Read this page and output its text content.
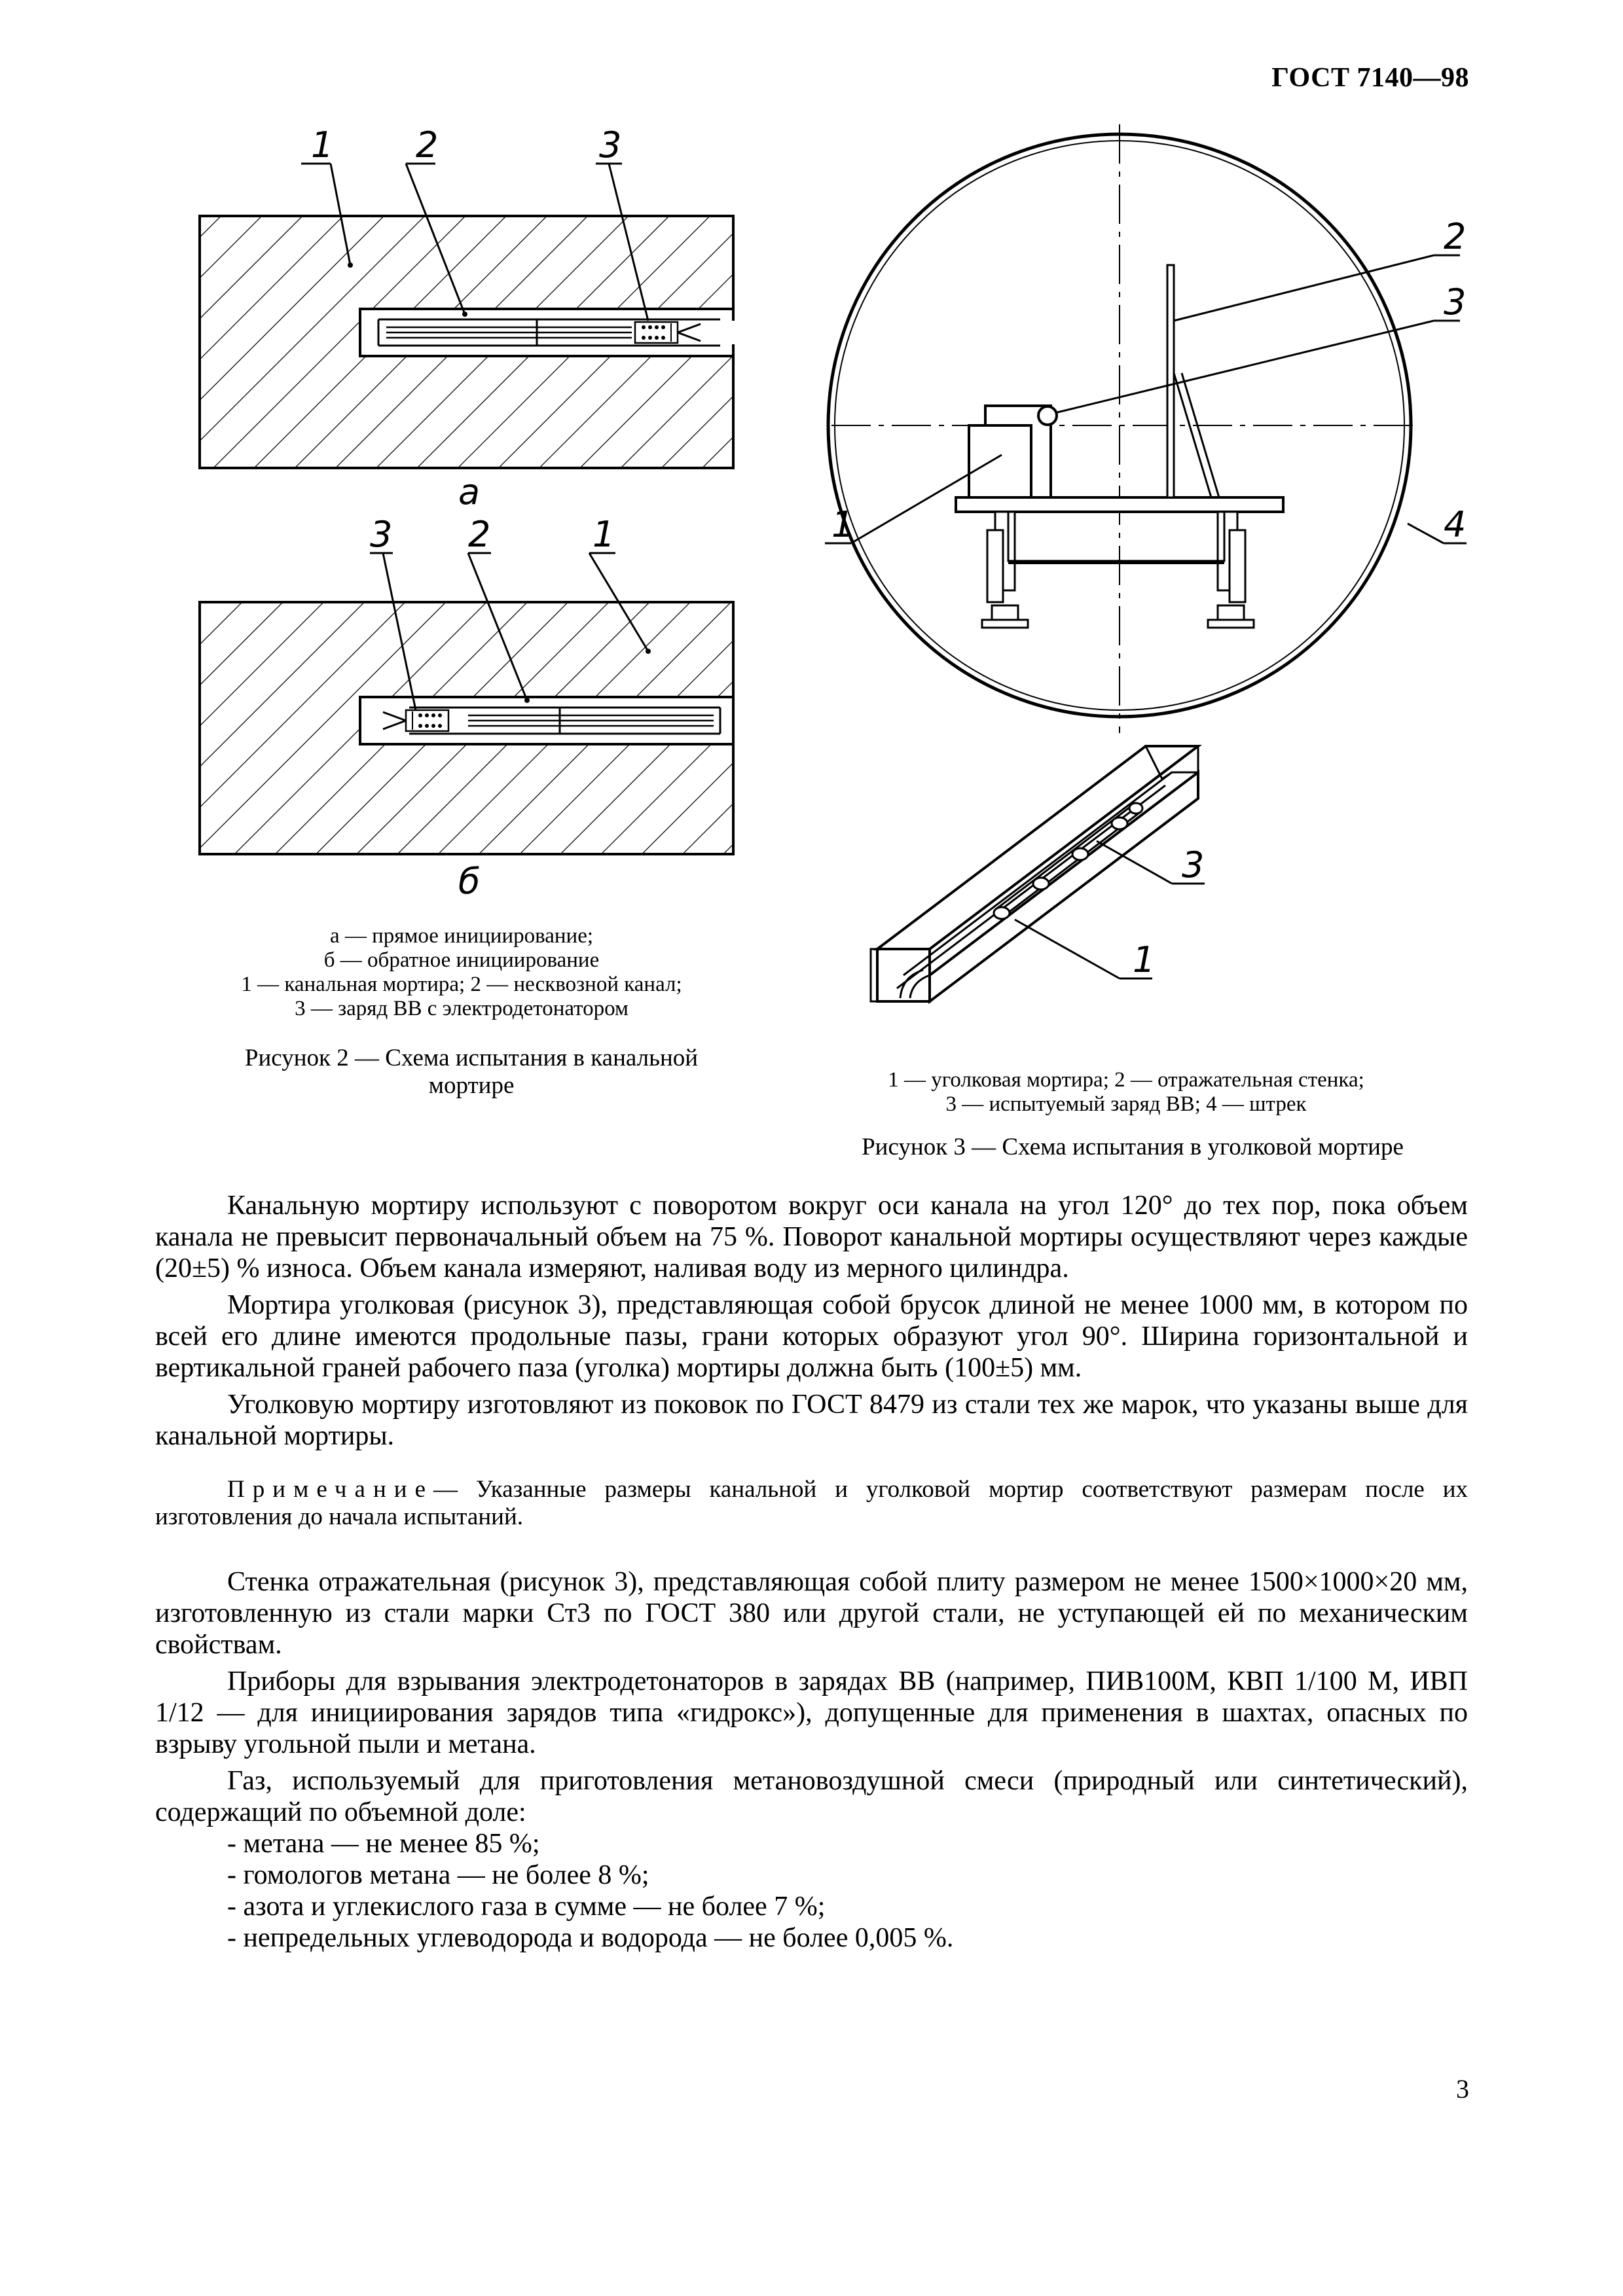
ГОСТ 7140—98
1 2	3
а
3 2	1
б
а — прямое инициирование;
б — обратное инициирование
1 — канальная мортира; 2 — несквозной канал;
3 — заряд ВВ с электродетонатором
Рисунок 2 — Схема испытания в канальной
мортире
2
3
1	4
3
1
1 — уголковая мортира; 2 — отражательная стенка;
3 — испытуемый заряд ВВ; 4 — штрек
Рисунок 3 — Схема испытания в уголковой мортире

Канальную мортиру используют с поворотом вокруг оси канала на угол 120° до тех пор, пока объем канала не превысит первоначальный объем на 75 %. Поворот канальной мортиры осуществляют через каждые (20±5) % износа. Объем канала измеряют, наливая воду из мерного цилиндра.

Мортира уголковая (рисунок 3), представляющая собой брусок длиной не менее 1000 мм, в котором по всей его длине имеются продольные пазы, грани которых образуют угол 90°. Ширина горизонтальной и вертикальной граней рабочего паза (уголка) мортиры должна быть (100±5) мм.

Уголковую мортиру изготовляют из поковок по ГОСТ 8479 из стали тех же марок, что указаны выше для канальной мортиры.

Примечание— Указанные размеры канальной и уголковой мортир соответствуют размерам после их изготовления до начала испытаний.

Стенка отражательная (рисунок 3), представляющая собой плиту размером не менее 1500×1000×20 мм, изготовленную из стали марки Ст3 по ГОСТ 380 или другой стали, не уступающей ей по механическим свойствам.

Приборы для взрывания электродетонаторов в зарядах ВВ (например, ПИВ100М, КВП 1/100 М, ИВП 1/12 — для инициирования зарядов типа «гидрокс»), допущенные для применения в шахтах, опасных по взрыву угольной пыли и метана.

Газ, используемый для приготовления метановоздушной смеси (природный или синтетический), содержащий по объемной доле:

- метана — не менее 85 %;

- гомологов метана — не более 8 %;

- азота и углекислого газа в сумме — не более 7 %;

- непредельных углеводорода и водорода — не более 0,005 %.

3
